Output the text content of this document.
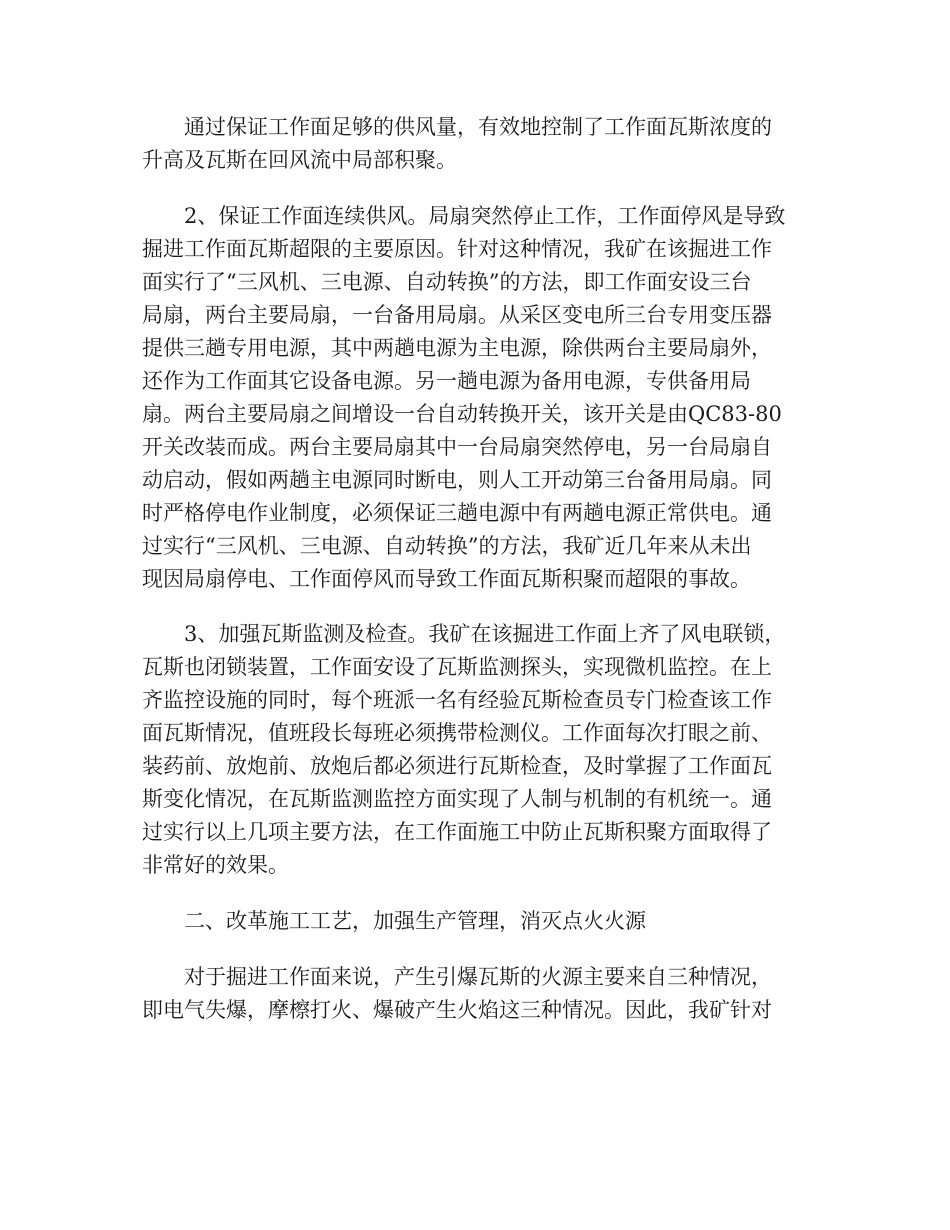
　　通过保证工作面足够的供风量，有效地控制了工作面瓦斯浓度的

升高及瓦斯在回风流中局部积聚。

　　2、保证工作面连续供风。局扇突然停止工作，工作面停风是导致

掘进工作面瓦斯超限的主要原因。针对这种情况，我矿在该掘进工作

面实行了“三风机、三电源、自动转换”的方法，即工作面安设三台

局扇，两台主要局扇，一台备用局扇。从采区变电所三台专用变压器

提供三趟专用电源，其中两趟电源为主电源，除供两台主要局扇外，

还作为工作面其它设备电源。另一趟电源为备用电源，专供备用局

扇。两台主要局扇之间增设一台自动转换开关，该开关是由QC83-80

开关改装而成。两台主要局扇其中一台局扇突然停电，另一台局扇自

动启动，假如两趟主电源同时断电，则人工开动第三台备用局扇。同

时严格停电作业制度，必须保证三趟电源中有两趟电源正常供电。通

过实行“三风机、三电源、自动转换”的方法，我矿近几年来从未出

现因局扇停电、工作面停风而导致工作面瓦斯积聚而超限的事故。

　　3、加强瓦斯监测及检查。我矿在该掘进工作面上齐了风电联锁，

瓦斯也闭锁装置，工作面安设了瓦斯监测探头，实现微机监控。在上

齐监控设施的同时，每个班派一名有经验瓦斯检查员专门检查该工作

面瓦斯情况，值班段长每班必须携带检测仪。工作面每次打眼之前、

装药前、放炮前、放炮后都必须进行瓦斯检查，及时掌握了工作面瓦

斯变化情况，在瓦斯监测监控方面实现了人制与机制的有机统一。通

过实行以上几项主要方法，在工作面施工中防止瓦斯积聚方面取得了

非常好的效果。

　　二、改革施工工艺，加强生产管理，消灭点火火源

　　对于掘进工作面来说，产生引爆瓦斯的火源主要来自三种情况，

即电气失爆，摩檫打火、爆破产生火焰这三种情况。因此，我矿针对
